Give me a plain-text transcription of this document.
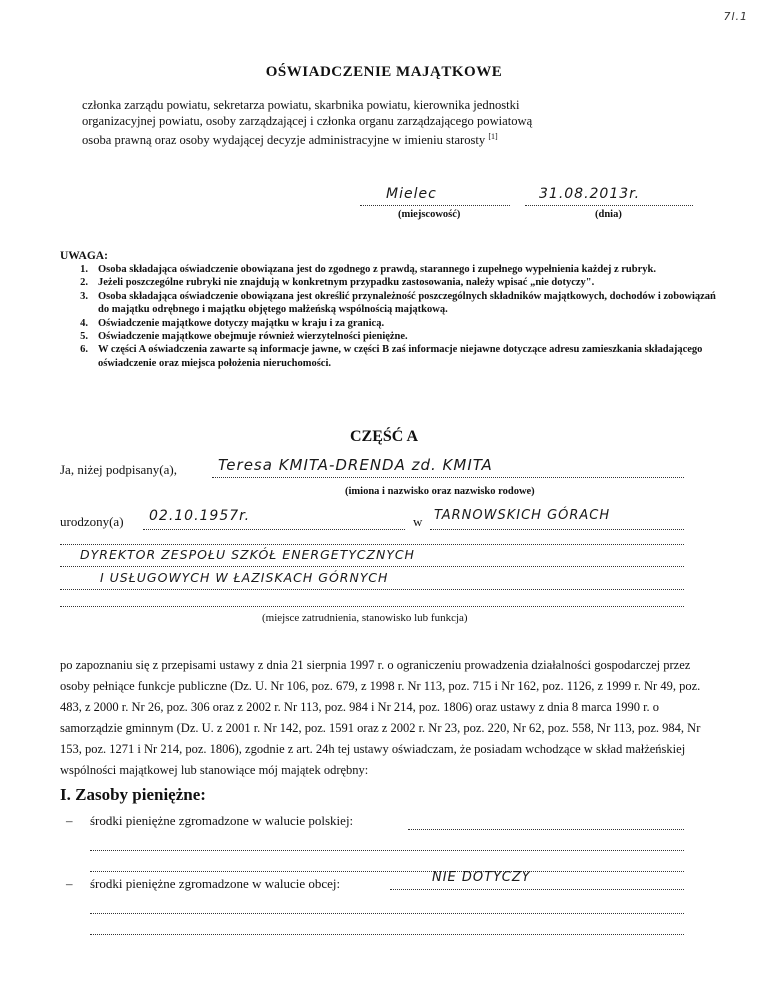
7l.1
OŚWIADCZENIE MAJĄTKOWE
członka zarządu powiatu, sekretarza powiatu, skarbnika powiatu, kierownika jednostki
organizacyjnej powiatu, osoby zarządzającej i członka organu zarządzającego powiatową
osoba prawną oraz osoby wydającej decyzje administracyjne w imieniu starosty [1]
Mielec	31.08.2013r.
(miejscowość)	(dnia)
UWAGA:
1. Osoba składająca oświadczenie obowiązana jest do zgodnego z prawdą, starannego i zupełnego wypełnienia każdej z rubryk.
2. Jeżeli poszczególne rubryki nie znajdują w konkretnym przypadku zastosowania, należy wpisać „nie dotyczy".
3. Osoba składająca oświadczenie obowiązana jest określić przynależność poszczególnych składników majątkowych, dochodów i zobowiązań do majątku odrębnego i majątku objętego małżeńską wspólnością majątkową.
4. Oświadczenie majątkowe dotyczy majątku w kraju i za granicą.
5. Oświadczenie majątkowe obejmuje również wierzytelności pieniężne.
6. W części A oświadczenia zawarte są informacje jawne, w części B zaś informacje niejawne dotyczące adresu zamieszkania składającego oświadczenie oraz miejsca położenia nieruchomości.
CZĘŚĆ A
Ja, niżej podpisany(a),	Teresa KMITA-DRENDA zd. KMITA
(imiona i nazwisko oraz nazwisko rodowe)
urodzony(a)	02.10.1957r.	w TARNOWSKICH GÓRACH
DYREKTOR ZESPOŁU SZKÓŁ ENERGETYCZNYCH
I USŁUGOWYCH W ŁAZISKACH GÓRNYCH
(miejsce zatrudnienia, stanowisko lub funkcja)
po zapoznaniu się z przepisami ustawy z dnia 21 sierpnia 1997 r. o ograniczeniu prowadzenia działalności gospodarczej przez osoby pełniące funkcje publiczne (Dz. U. Nr 106, poz. 679, z 1998 r. Nr 113, poz. 715 i Nr 162, poz. 1126, z 1999 r. Nr 49, poz. 483, z 2000 r. Nr 26, poz. 306 oraz z 2002 r. Nr 113, poz. 984 i Nr 214, poz. 1806) oraz ustawy z dnia 8 marca 1990 r. o samorządzie gminnym (Dz. U. z 2001 r. Nr 142, poz. 1591 oraz z 2002 r. Nr 23, poz. 220, Nr 62, poz. 558, Nr 113, poz. 984, Nr 153, poz. 1271 i Nr 214, poz. 1806), zgodnie z art. 24h tej ustawy oświadczam, że posiadam wchodzące w skład małżeńskiej wspólności majątkowej lub stanowiące mój majątek odrębny:
I. Zasoby pieniężne:
– środki pieniężne zgromadzone w walucie polskiej:
– środki pieniężne zgromadzone w walucie obcej:	NIE DOTYCZY
